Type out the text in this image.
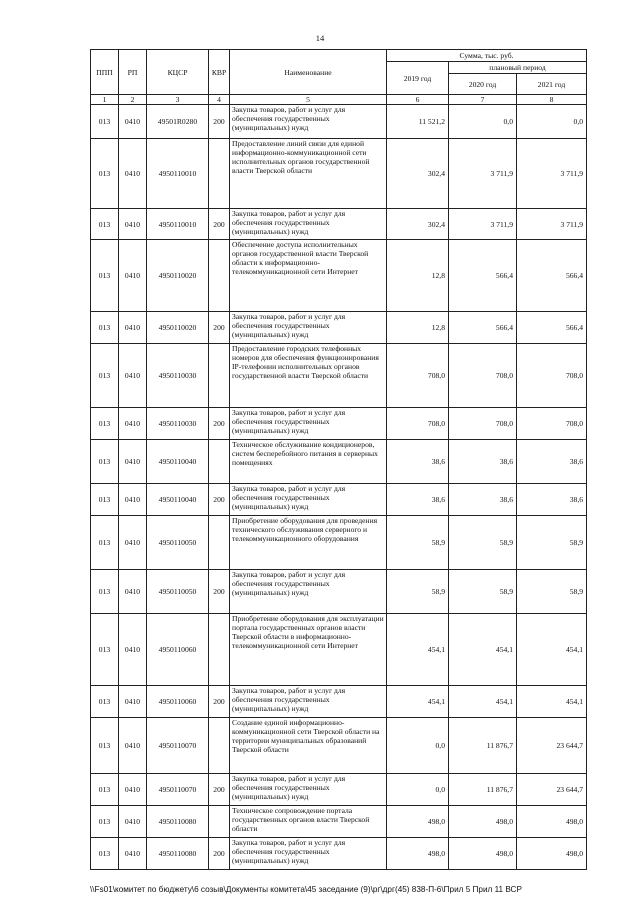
14
ППП	РП	КЦСР	КВР	Наименование	Сумма, тыс. руб.		
					2019 год	плановый период	
						2020 год	2021 год
1	2	3	4	5	6	7	8
013	0410	49501R0280	200	Закупка товаров, работ и услуг для обеспечения государственных (муниципальных) нужд	11 521,2	0,0	0,0
013	0410	4950110010		Предоставление линий связи для единой информационно-коммуникационной сети исполнительных органов государственной власти Тверской области	302,4	3 711,9	3 711,9
013	0410	4950110010	200	Закупка товаров, работ и услуг для обеспечения государственных (муниципальных) нужд	302,4	3 711,9	3 711,9
013	0410	4950110020		Обеспечение доступа исполнительных органов государственной власти Тверской области к информационно-телекоммуникационной сети Интернет	12,8	566,4	566,4
013	0410	4950110020	200	Закупка товаров, работ и услуг для обеспечения государственных (муниципальных) нужд	12,8	566,4	566,4
013	0410	4950110030		Предоставление городских телефонных номеров для обеспечения функционирования IP-телефонии исполнительных органов государственной власти Тверской области	708,0	708,0	708,0
013	0410	4950110030	200	Закупка товаров, работ и услуг для обеспечения государственных (муниципальных) нужд	708,0	708,0	708,0
013	0410	4950110040		Техническое обслуживание кондиционеров, систем бесперебойного питания в серверных помещениях	38,6	38,6	38,6
013	0410	4950110040	200	Закупка товаров, работ и услуг для обеспечения государственных (муниципальных) нужд	38,6	38,6	38,6
013	0410	4950110050		Приобретение оборудования для проведения технического обслуживания серверного и телекоммуникационного оборудования	58,9	58,9	58,9
013	0410	4950110050	200	Закупка товаров, работ и услуг для обеспечения государственных (муниципальных) нужд	58,9	58,9	58,9
013	0410	4950110060		Приобретение оборудования для эксплуатации портала государственных органов власти Тверской области в информационно-телекоммуникационной сети Интернет	454,1	454,1	454,1
013	0410	4950110060	200	Закупка товаров, работ и услуг для обеспечения государственных (муниципальных) нужд	454,1	454,1	454,1
013	0410	4950110070		Создание единой информационно-коммуникационной сети Тверской области на территории муниципальных образований Тверской области	0,0	11 876,7	23 644,7
013	0410	4950110070	200	Закупка товаров, работ и услуг для обеспечения государственных (муниципальных) нужд	0,0	11 876,7	23 644,7
013	0410	4950110080		Техническое сопровождение портала государственных органов власти Тверской области	498,0	498,0	498,0
013	0410	4950110080	200	Закупка товаров, работ и услуг для обеспечения государственных (муниципальных) нужд	498,0	498,0	498,0
\\Fs01\комитет по бюджету\6 созыв\Документы комитета\45 заседание (9)\рг\дрг(45) 838-П-6\Прил 5 Прил 11 ВСР
